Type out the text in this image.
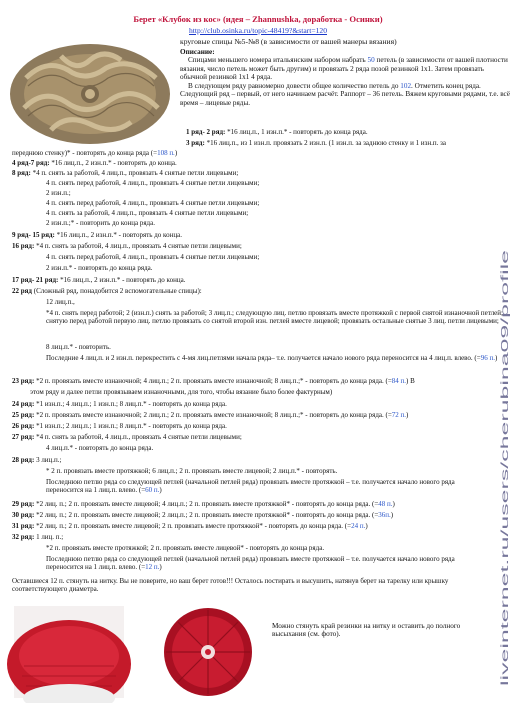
Берет «Клубок из кос» (идея – Zhannushka, доработка - Осинки)
http://club.osinka.ru/topic-48419?&start=120
круговые спицы №5-№8 (в зависимости от вашей манеры вязания)
Описание:
Спицами меньшего номера итальянским набором набрать 50 петель (в зависимости от вашей плотности вязания, число петель может быть другим) и провязать 2 ряда позой резинкой 1х1. Затем провязать обычной резинкой 1х1 4 ряда.
В следующем ряду равномерно довести общее количество петель до 102. Отметить конец ряда. Следующий ряд – первый, от него начинаем расчёт. Раппорт – 36 петель. Вяжем круговыми рядами, т.е. всё время – лицевые ряды.
1 ряд- 2 ряд: *16 лиц.п., 1 изн.п.* - повторять до конца ряда.
3 ряд: *16 лиц.п., из 1 изн.п. провязать 2 изн.п. (1 изн.п. за заднюю стенку и 1 изн.п. за
переднюю стенку)* - повторять до конца ряда (=108 п.)
4 ряд-7 ряд: *16 лиц.п., 2 изн.п.* - повторять до конца.
8 ряд: *4 п. снять за работой, 4 лиц.п., провязать 4 снятые петли лицевыми;
4 п. снять перед работой, 4 лиц.п., провязать 4 снятые петли лицевыми;
2 изн.п.;
4 п. снять перед работой, 4 лиц.п., провязать 4 снятые петли лицевыми;
4 п. снять за работой, 4 лиц.п., провязать 4 снятые петли лицевыми;
2 изн.п.;* - повторить до конца ряда.
9 ряд- 15 ряд: *16 лиц.п., 2 изн.п.* - повторять до конца.
16 ряд: *4 п. снять за работой, 4 лиц.п., провязать 4 снятые петли лицевыми;
4 п. снять перед работой, 4 лиц.п., провязать 4 снятые петли лицевыми;
2 изн.п.* - повторять до конца ряда.
17 ряд- 21 ряд: *16 лиц.п., 2 изн.п.* - повторять до конца.
22 ряд (Сложный ряд, понадобится 2 вспомогательные спицы):
12 лиц.п.,
*4 п. снять перед работой; 2 (изн.п.) снять за работой; 3 лиц.п.; следующую лиц. петлю провязать вместе протяжкой с первой снятой изнаночной петлей; снятую перед работой первую лиц. петлю провязать со снятой второй изн. петлей вместе лицевой; провязать остальные снятые 3 лиц. петли лицевыми;
8 лиц.п.* - повторить.
Последние 4 лиц.п. и 2 изн.п. перекрестить с 4-мя лиц.петлями начала ряда– т.е. получается начало нового ряда переносится на 4 лиц.п. влево. (=96 п.)
23 ряд: *2 п. провязать вместе изнаночной; 4 лиц.п.; 2 п. провязать вместе изнаночной; 8 лиц.п.;* - повторять до конца ряда. (=84 п.) В
этом ряду и далее петли провязываем изнаночными, для того, чтобы вязание было более фактурным)
24 ряд: *1 изн.п.; 4 лиц.п.; 1 изн.п.; 8 лиц.п.* - повторять до конца ряда.
25 ряд: *2 п. провязать вместе изнаночной; 2 лиц.п.; 2 п. провязать вместе изнаночной; 8 лиц.п.;* - повторять до конца ряда. (=72 п.)
26 ряд: *1 изн.п.; 2 лиц.п.; 1 изн.п.; 8 лиц.п.* - повторять до конца ряда.
27 ряд: *4 п. снять за работой, 4 лиц.п., провязать 4 снятые петли лицевыми;
4 лиц.п.* - повторять до конца ряда.
28 ряд: 3 лиц.п.;
* 2 п. провязать вместе протяжкой; 6 лиц.п.; 2 п. провязать вместе лицевой; 2 лиц.п.* - повторять.
Последнюю петлю ряда со следующей петлей (начальной петлей ряда) провязать вместе протяжкой – т.е. получается начало нового ряда переносится на 1 лиц.п. влево. (=60 п.)
29 ряд: *2 лиц. п.; 2 п. провязать вместе лицевой; 4 лиц.п.; 2 п. провязать вместе протяжкой* - повторять до конца ряда. (=48 п.)
30 ряд: *2 лиц. п.; 2 п. провязать вместе лицевой; 2 лиц.п.; 2 п. провязать вместе протяжкой* - повторять до конца ряда. (=36п.)
31 ряд: *2 лиц. п.; 2 п. провязать вместе лицевой; 2 п. провязать вместе протяжкой* - повторять до конца ряда. (=24 п.)
32 ряд: 1 лиц. п.;
*2 п. провязать вместе протяжкой; 2 п. провязать вместе лицевой* - повторять до конца ряда.
Последнюю петлю ряда со следующей петлей (начальной петлей ряда) провязать вместе протяжкой – т.е. получается начало нового ряда переносится на 1 лиц.п. влево. (=12 п.)
Оставшиеся 12 п. стянуть на нитку. Вы не поверите, но ваш берет готов!!! Осталось постирать и высушить, натянув берет на тарелку или крышку соответствующего диаметра.
Можно стянуть край резинки на нитку и оставить до полного высыхания (см. фото).	liveinternet.ru/users/cherubina09/profile
